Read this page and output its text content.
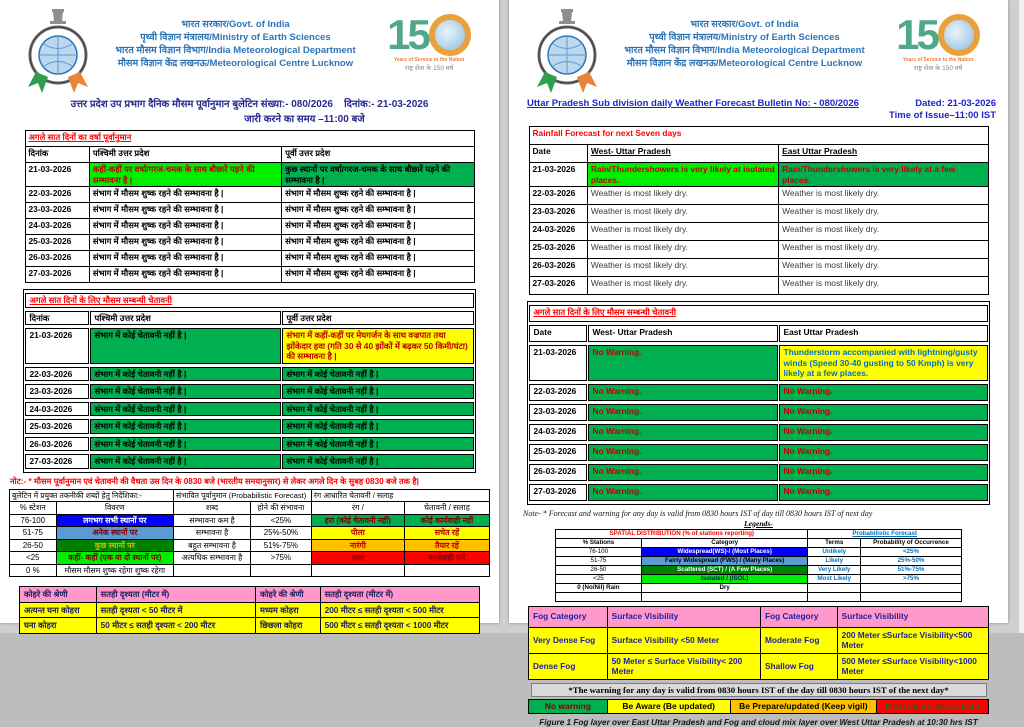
भारत सरकार/Govt. of India
पृथ्वी विज्ञान मंत्रालय/Ministry of Earth Sciences
भारत मौसम विज्ञान विभाग/India Meteorological Department
मौसम विज्ञान केंद्र लखनऊ/Meteorological Centre Lucknow
15
Years of Service to the Nation
राष्ट्र सेवा के 150 वर्ष
उत्तर प्रदेश उप प्रभाग दैनिक मौसम पूर्वानुमान बुलेटिन संख्या:- 080/2026 दिनांक:- 21-03-2026
जारी करने का समय –11:00 बजे
अगले सात दिनों का वर्षा पूर्वानुमान		
दिनांक	पश्चिमी उत्तर प्रदेश	पूर्वी उत्तर प्रदेश
21-03-2026	कहीं-कहीं पर वर्षा/गरज-चमक के साथ बौछारें पड़ने की सम्भावना है |	कुछ स्थानों पर वर्षा/गरज-चमक के साथ बौछारें पड़ने की सम्भावना है |
22-03-2026	संभाग में मौसम शुष्क रहने की सम्भावना है |	संभाग में मौसम शुष्क रहने की सम्भावना है |
23-03-2026	संभाग में मौसम शुष्क रहने की सम्भावना है |	संभाग में मौसम शुष्क रहने की सम्भावना है |
24-03-2026	संभाग में मौसम शुष्क रहने की सम्भावना है |	संभाग में मौसम शुष्क रहने की सम्भावना है |
25-03-2026	संभाग में मौसम शुष्क रहने की सम्भावना है |	संभाग में मौसम शुष्क रहने की सम्भावना है |
26-03-2026	संभाग में मौसम शुष्क रहने की सम्भावना है |	संभाग में मौसम शुष्क रहने की सम्भावना है |
27-03-2026	संभाग में मौसम शुष्क रहने की सम्भावना है |	संभाग में मौसम शुष्क रहने की सम्भावना है |
अगले सात दिनों के लिए मौसम सम्बन्धी चेतावनी		
दिनांक	पश्चिमी उत्तर प्रदेश	पूर्वी उत्तर प्रदेश
21-03-2026	संभाग में कोई चेतावनी नहीं है |	संभाग में कहीं-कहीं पर मेघगर्जन के साथ वज्रपात तथा झोंकेदार हवा (गति 30 से 40 झोंकों में बढ़कर 50 किमी/घंटा) की सम्भावना है |
22-03-2026	संभाग में कोई चेतावनी नहीं है |	संभाग में कोई चेतावनी नहीं है |
23-03-2026	संभाग में कोई चेतावनी नहीं है |	संभाग में कोई चेतावनी नहीं है |
24-03-2026	संभाग में कोई चेतावनी नहीं है |	संभाग में कोई चेतावनी नहीं है |
25-03-2026	संभाग में कोई चेतावनी नहीं है |	संभाग में कोई चेतावनी नहीं है |
26-03-2026	संभाग में कोई चेतावनी नहीं है |	संभाग में कोई चेतावनी नहीं है |
27-03-2026	संभाग में कोई चेतावनी नहीं है |	संभाग में कोई चेतावनी नहीं है |
नोट:- * मौसम पूर्वानुमान एवं चेतावनी की वैधता उस दिन के 0830 बजे (भारतीय समयानुसार) से लेकर अगले दिन के सुबह 0830 बजे तक है|
बुलेटिन में प्रयुक्त तकनीकी शब्दों हेतु निर्देशिका:-		संभावित पूर्वानुमान (Probabilistic Forecast)		रंग आधारित चेतावनी / सलाह	
% स्टेशन	विवरण	शब्द	होने की संभावना	रंग /	चेतावनी / सलाह
76-100	लगभग सभी स्थानों पर	सम्भावना कम है	<25%	हरा (कोई चेतावनी नहीं)	कोई कार्यवाही नहीं
51-75	अनेक स्थानों पर	सम्भावना है	25%-50%	पीला	सचेत रहें
26-50	कुछ स्थानों पर	बहुत सम्भावना है	51%-75%	नारंगी	तैयार रहें
<25	कहीं- कहीं (एक या दो स्थानों पर)	अत्यधिक सम्भावना है	>75%	लाल	कार्यवाही करें
0 %	मौसम मौसम शुष्क रहेगा शुष्क रहेगा				
कोहरे की श्रेणी	सतही दृश्यता (मीटर में)	कोहरे की श्रेणी	सतही दृश्यता (मीटर में)
अत्यन्त घना कोहरा	सतही दृश्यता < 50 मीटर में	मध्यम कोहरा	200 मीटर ≤ सतही दृश्यता < 500 मीटर
घना कोहरा	50 मीटर ≤ सतही दृश्यता < 200 मीटर	छिछला कोहरा	500 मीटर ≤ सतही दृश्यता < 1000 मीटर
भारत सरकार/Govt. of India
पृथ्वी विज्ञान मंत्रालय/Ministry of Earth Sciences
भारत मौसम विज्ञान विभाग/India Meteorological Department
मौसम विज्ञान केंद्र लखनऊ/Meteorological Centre Lucknow
15
Years of Service to the Nation
राष्ट्र सेवा के 150 वर्ष
Uttar Pradesh Sub division daily Weather Forecast Bulletin No: - 080/2026	Dated: 21-03-2026
Time of Issue–11:00 IST
Rainfall Forecast for next Seven days		
Date	West- Uttar Pradesh	East Uttar Pradesh
21-03-2026	Rain/Thundershowers is very likely at isolated places.	Rain/Thundershowers is very likely at a few places.
22-03-2026	Weather is most likely dry.	Weather is most likely dry.
23-03-2026	Weather is most likely dry.	Weather is most likely dry.
24-03-2026	Weather is most likely dry.	Weather is most likely dry.
25-03-2026	Weather is most likely dry.	Weather is most likely dry.
26-03-2026	Weather is most likely dry.	Weather is most likely dry.
27-03-2026	Weather is most likely dry.	Weather is most likely dry.
अगले सात दिनों के लिए मौसम सम्बन्धी चेतावनी		
Date	West- Uttar Pradesh	East Uttar Pradesh
21-03-2026	No Warning.	Thunderstorm accompanied with lightning/gusty winds (Speed 30-40 gusting to 50 Kmph) is very likely at a few places.
22-03-2026	No Warning.	No Warning.
23-03-2026	No Warning.	No Warning.
24-03-2026	No Warning.	No Warning.
25-03-2026	No Warning.	No Warning.
26-03-2026	No Warning.	No Warning.
27-03-2026	No Warning.	No Warning.
Note- * Forecast and warning for any day is valid from 0830 hours IST of day till 0830 hours IST of next day
Legends-
SPATIAL DISTRIBUTION (% of stations reporting)		Probabilistic Forecast	
% Stations	Category	Terms	Probability of Occurrence
76-100	Widespread(WS)-/ (Most Places)	Unlikely	<25%
51-75	Fairly Widespread (FWS) / (Many Places)	Likely	25%-50%
26-50	Scattered (SCT) / (A Few Places)	Very Likely	51%-75%
<25	Isolated / (ISOL)	Most Likely	>75%
0 (No/Nil) Rain	Dry		

Fog Category	Surface Visibility	Fog Category	Surface Visibility
Very Dense Fog	Surface Visibility <50 Meter	Moderate Fog	200 Meter ≤Surface Visibility<500 Meter
Dense Fog	50 Meter ≤ Surface Visibility< 200 Meter	Shallow Fog	500 Meter ≤Surface Visibility<1000 Meter
*The warning for any day is valid from 0830 hours IST of the day till 0830 hours IST of the next day*
No warning	Be Aware (Be updated)	Be Prepare/updated (Keep vigil)	Most Vigil (Take action)
Figure 1 Fog layer over East Uttar Pradesh and Fog and cloud mix layer over West Uttar Pradesh at 10:30 hrs IST
